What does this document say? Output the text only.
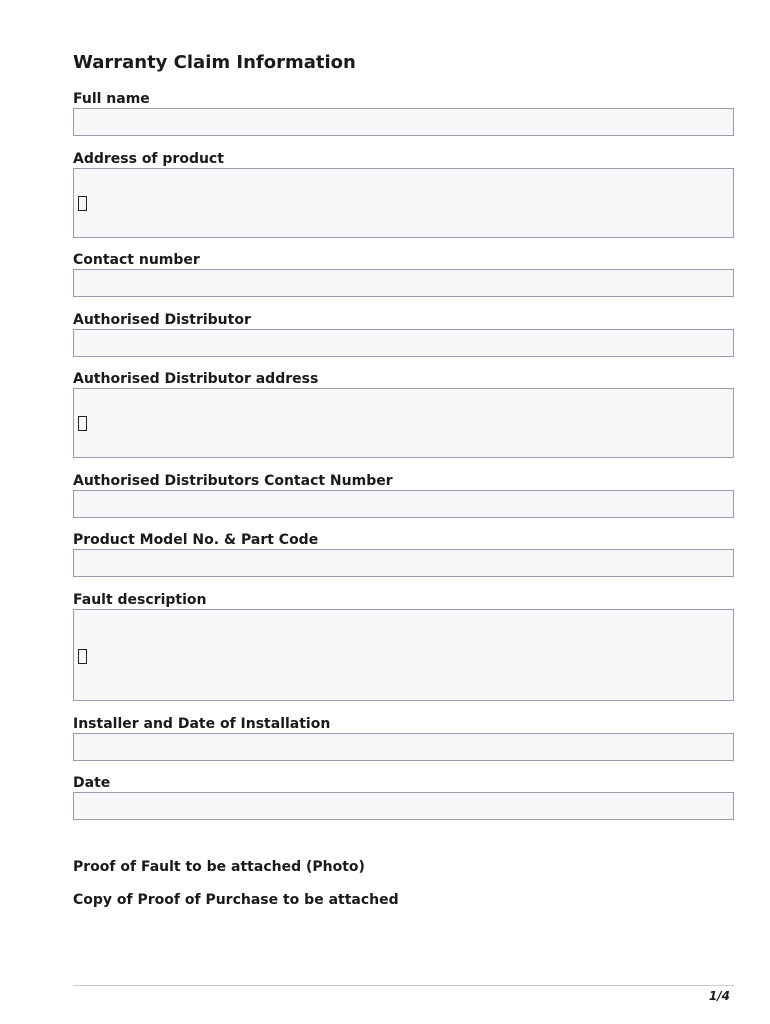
Warranty Claim Information
Full name
Address of product
Contact number
Authorised Distributor
Authorised Distributor address
Authorised Distributors Contact Number
Product Model No. & Part Code
Fault description
Installer and Date of Installation
Date
Proof of Fault to be attached (Photo)
Copy of Proof of Purchase to be attached
1/4
